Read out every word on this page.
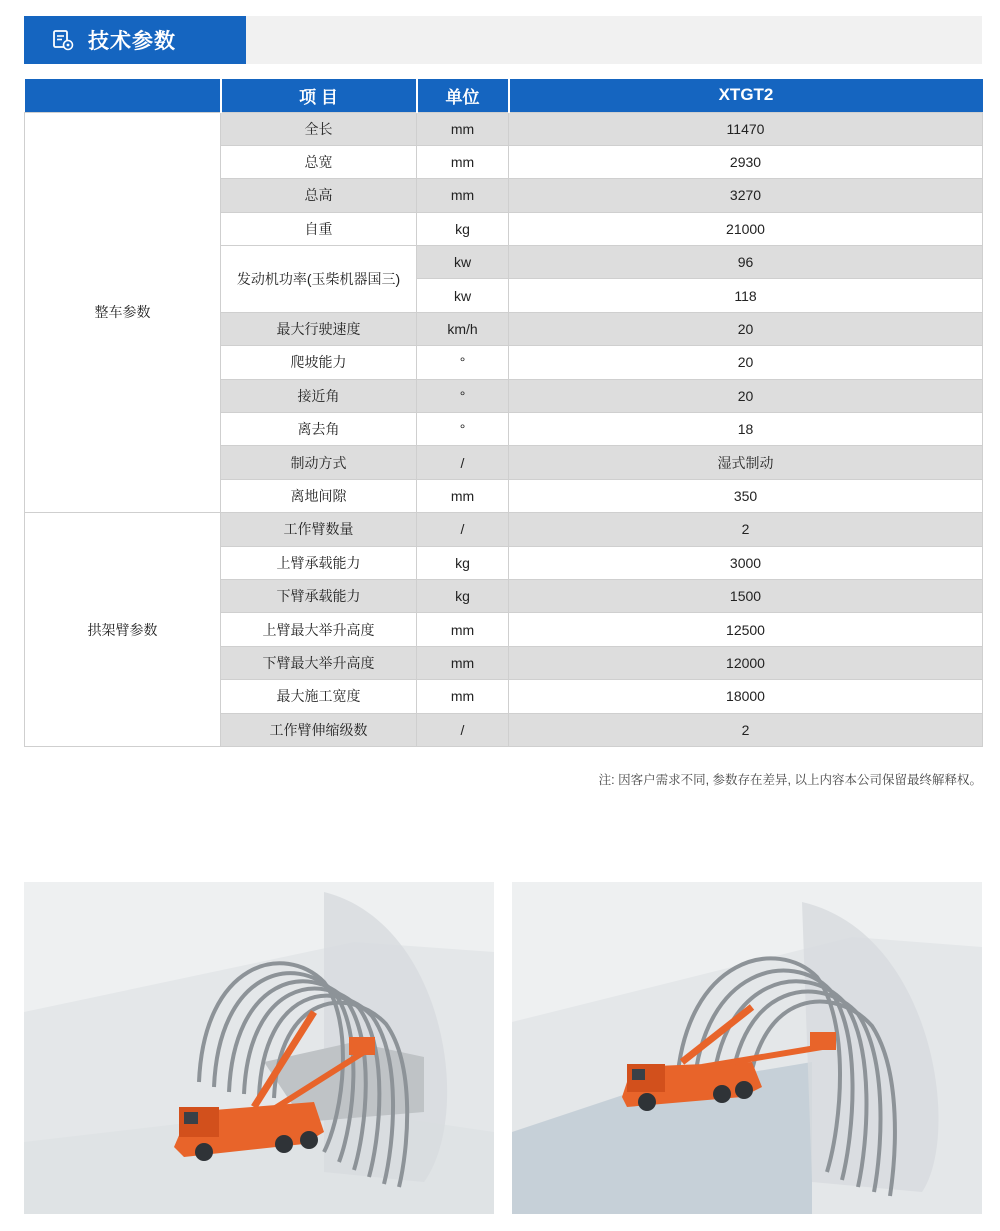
技术参数
	项 目	单位	XTGT2
整车参数	全长	mm	11470
	总宽	mm	2930
	总高	mm	3270
	自重	kg	21000
	发动机功率(玉柴机器国三)	kw	96
		kw	118
	最大行驶速度	km/h	20
	爬坡能力	°	20
	接近角	°	20
	离去角	°	18
	制动方式	/	湿式制动
	离地间隙	mm	350
拱架臂参数	工作臂数量	/	2
	上臂承载能力	kg	3000
	下臂承载能力	kg	1500
	上臂最大举升高度	mm	12500
	下臂最大举升高度	mm	12000
	最大施工宽度	mm	18000
	工作臂伸缩级数	/	2
注: 因客户需求不同, 参数存在差异, 以上内容本公司保留最终解释权。
